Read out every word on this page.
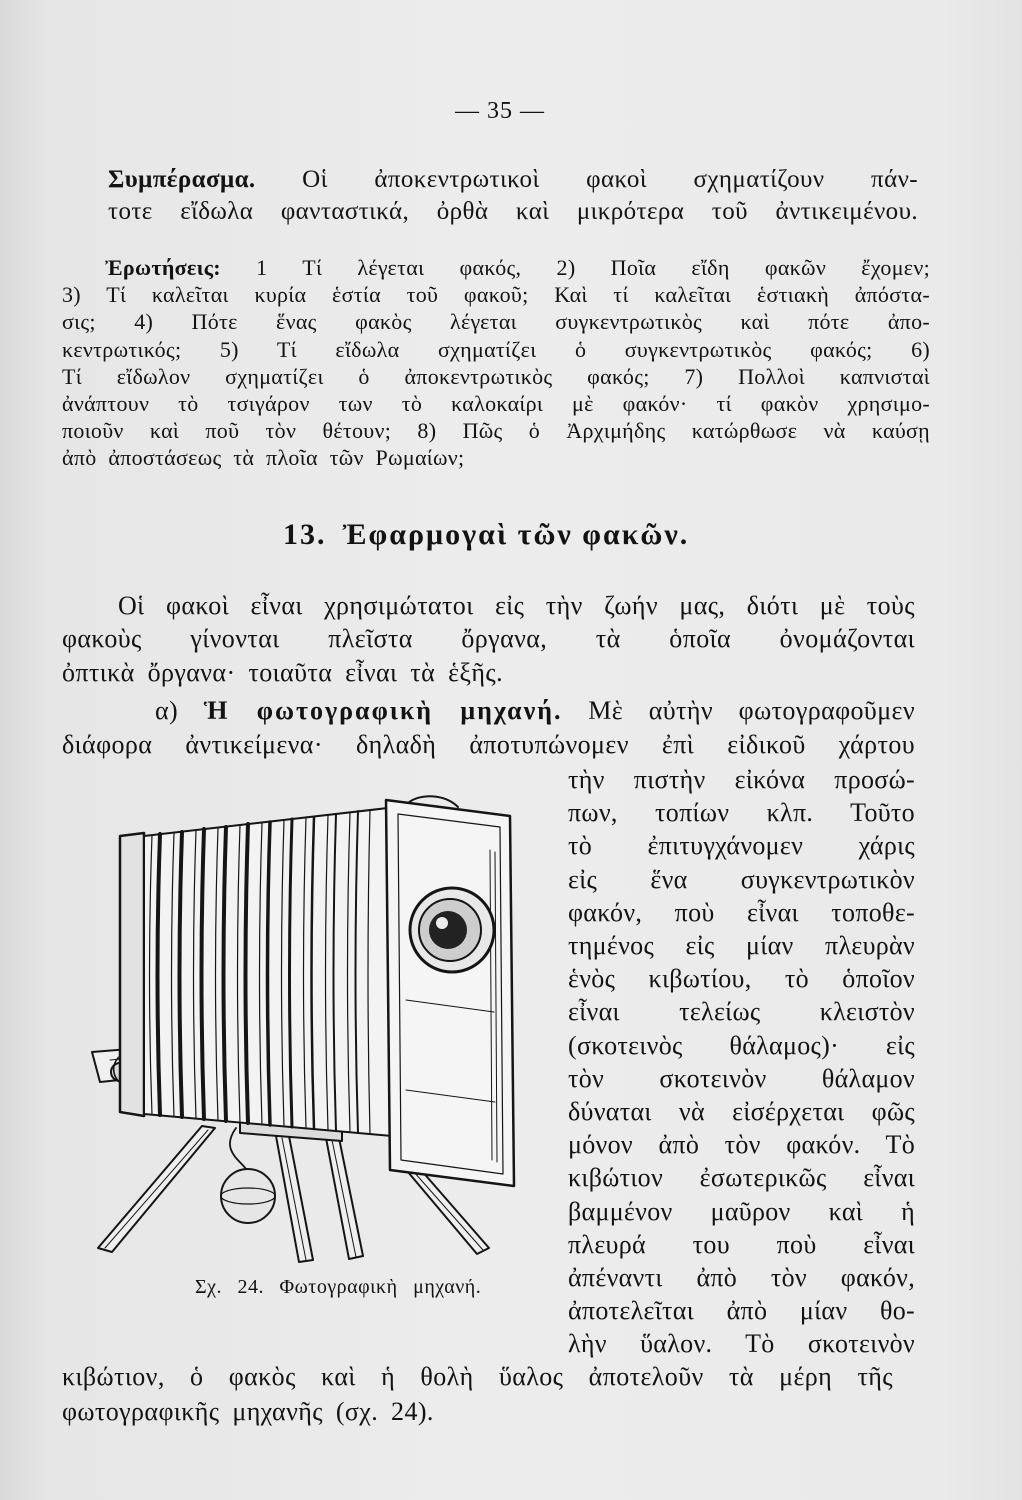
— 35 —
Συμπέρασμα. Οἱ ἀποκεντρωτικοὶ φακοὶ σχηματίζουν πάν-
τοτε εἴδωλα φανταστικά, ὀρθὰ καὶ μικρότερα τοῦ ἀντικειμένου.
Ἐρωτήσεις: 1 Τί λέγεται φακός, 2) Ποῖα εἴδη φακῶν ἔχομεν;
3) Τί καλεῖται κυρία ἑστία τοῦ φακοῦ; Καὶ τί καλεῖται ἑστιακὴ ἀπόστα-
σις; 4) Πότε ἕνας φακὸς λέγεται συγκεντρωτικὸς καὶ πότε ἀπο-
κεντρωτικός; 5) Τί εἴδωλα σχηματίζει ὁ συγκεντρωτικὸς φακός; 6)
Τί εἴδωλον σχηματίζει ὁ ἀποκεντρωτικὸς φακός; 7) Πολλοὶ καπνισταὶ
ἀνάπτουν τὸ τσιγάρον των τὸ καλοκαίρι μὲ φακόν· τί φακὸν χρησιμο-
ποιοῦν καὶ ποῦ τὸν θέτουν; 8) Πῶς ὁ Ἀρχιμήδης κατώρθωσε νὰ καύσῃ
ἀπὸ ἀποστάσεως τὰ πλοῖα τῶν Ρωμαίων;
13. Ἐφαρμογαὶ τῶν φακῶν.
Οἱ φακοὶ εἶναι χρησιμώτατοι εἰς τὴν ζωήν μας, διότι μὲ τοὺς
φακοὺς γίνονται πλεῖστα ὄργανα, τὰ ὁποῖα ὀνομάζονται
ὀπτικὰ ὄργανα· τοιαῦτα εἶναι τὰ ἑξῆς.
α) Ἡ φωτογραφικὴ μηχανή. Μὲ αὐτὴν φωτογραφοῦμεν
διάφορα ἀντικείμενα· δηλαδὴ ἀποτυπώνομεν ἐπὶ εἰδικοῦ χάρτου
τὴν πιστὴν εἰκόνα προσώ-
πων, τοπίων κλπ. Τοῦτο
τὸ ἐπιτυγχάνομεν χάρις
εἰς ἕνα συγκεντρωτικὸν
φακόν, ποὺ εἶναι τοποθε-
τημένος εἰς μίαν πλευρὰν
ἑνὸς κιβωτίου, τὸ ὁποῖον
εἶναι τελείως κλειστὸν
(σκοτεινὸς θάλαμος)· εἰς
τὸν σκοτεινὸν θάλαμον
δύναται νὰ εἰσέρχεται φῶς
μόνον ἀπὸ τὸν φακόν. Τὸ
κιβώτιον ἐσωτερικῶς εἶναι
βαμμένον μαῦρον καὶ ἡ
πλευρά του ποὺ εἶναι
ἀπέναντι ἀπὸ τὸν φακόν,
ἀποτελεῖται ἀπὸ μίαν θο-
λὴν ὕαλον. Τὸ σκοτεινὸν
κιβώτιον, ὁ φακὸς καὶ ἡ θολὴ ὕαλος ἀποτελοῦν τὰ μέρη τῆς
φωτογραφικῆς μηχανῆς (σχ. 24).
Σχ. 24. Φωτογραφικὴ μηχανή.
